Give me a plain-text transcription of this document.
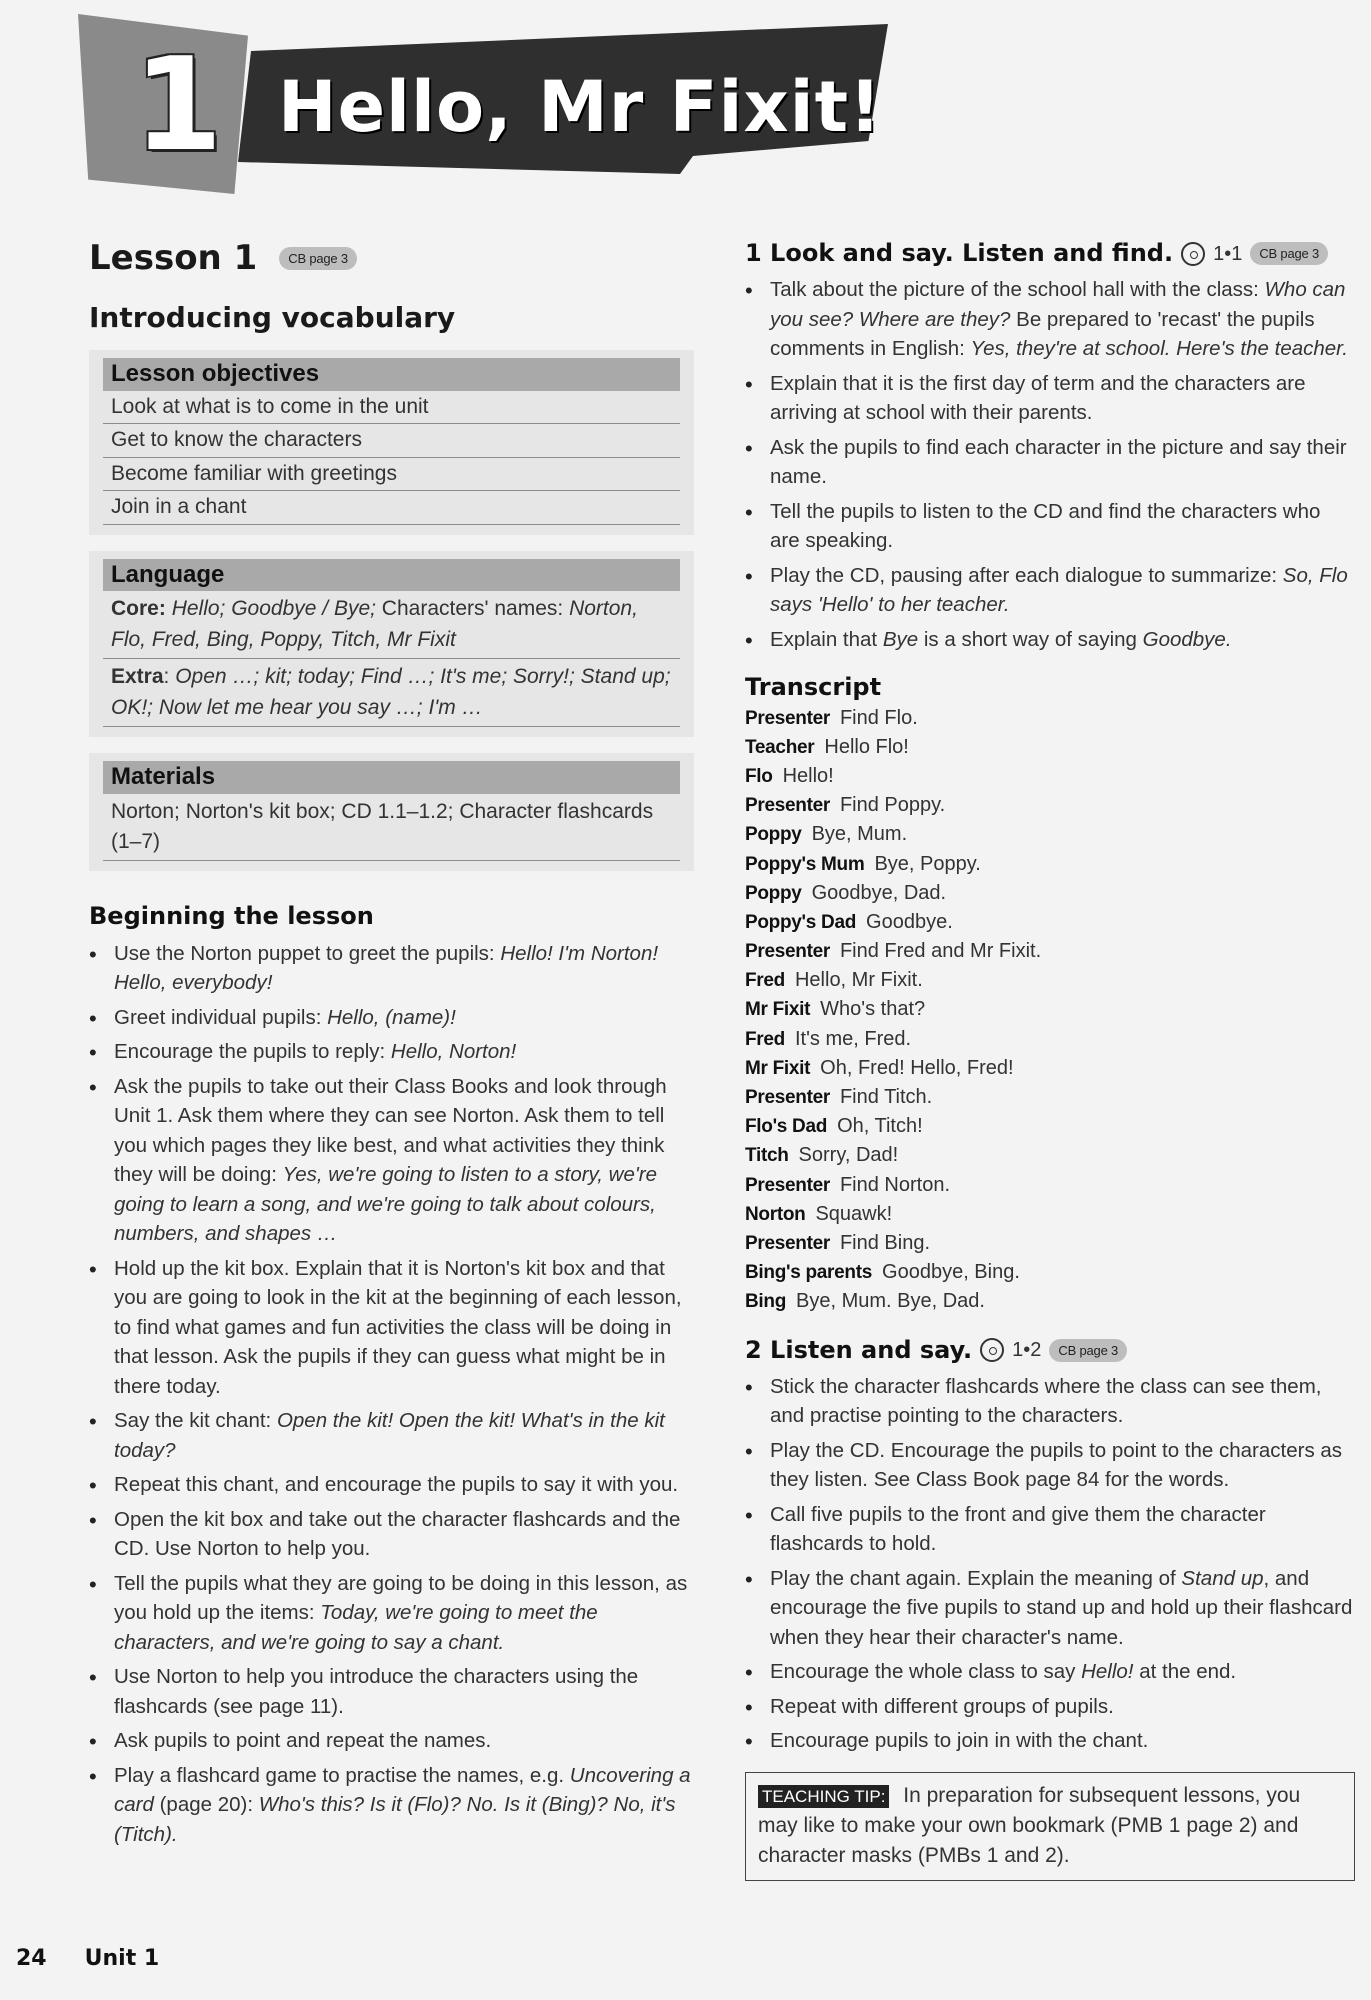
1 Hello, Mr Fixit!
Lesson 1	CB page 3
Introducing vocabulary
Lesson objectives
Look at what is to come in the unit
Get to know the characters
Become familiar with greetings
Join in a chant
Language
Core: Hello; Goodbye / Bye; Characters' names: Norton, Flo, Fred, Bing, Poppy, Titch, Mr Fixit
Extra: Open …; kit; today; Find …; It's me; Sorry!; Stand up; OK!; Now let me hear you say …; I'm …
Materials
Norton; Norton's kit box; CD 1.1–1.2; Character flashcards (1–7)
Beginning the lesson
• Use the Norton puppet to greet the pupils: Hello! I'm Norton! Hello, everybody!
• Greet individual pupils: Hello, (name)!
• Encourage the pupils to reply: Hello, Norton!
• Ask the pupils to take out their Class Books and look through Unit 1. Ask them where they can see Norton. Ask them to tell you which pages they like best, and what activities they think they will be doing: Yes, we're going to listen to a story, we're going to learn a song, and we're going to talk about colours, numbers, and shapes …
• Hold up the kit box. Explain that it is Norton's kit box and that you are going to look in the kit at the beginning of each lesson, to find what games and fun activities the class will be doing in that lesson. Ask the pupils if they can guess what might be in there today.
• Say the kit chant: Open the kit! Open the kit! What's in the kit today?
• Repeat this chant, and encourage the pupils to say it with you.
• Open the kit box and take out the character flashcards and the CD. Use Norton to help you.
• Tell the pupils what they are going to be doing in this lesson, as you hold up the items: Today, we're going to meet the characters, and we're going to say a chant.
• Use Norton to help you introduce the characters using the flashcards (see page 11).
• Ask pupils to point and repeat the names.
• Play a flashcard game to practise the names, e.g. Uncovering a card (page 20): Who's this? Is it (Flo)? No. Is it (Bing)? No, it's (Titch).
1 Look and say. Listen and find. 1•1	CB page 3
• Talk about the picture of the school hall with the class: Who can you see? Where are they? Be prepared to 'recast' the pupils comments in English: Yes, they're at school. Here's the teacher.
• Explain that it is the first day of term and the characters are arriving at school with their parents.
• Ask the pupils to find each character in the picture and say their name.
• Tell the pupils to listen to the CD and find the characters who are speaking.
• Play the CD, pausing after each dialogue to summarize: So, Flo says 'Hello' to her teacher.
• Explain that Bye is a short way of saying Goodbye.
Transcript
Presenter Find Flo.
Teacher Hello Flo!
Flo Hello!
Presenter Find Poppy.
Poppy Bye, Mum.
Poppy's Mum Bye, Poppy.
Poppy Goodbye, Dad.
Poppy's Dad Goodbye.
Presenter Find Fred and Mr Fixit.
Fred Hello, Mr Fixit.
Mr Fixit Who's that?
Fred It's me, Fred.
Mr Fixit Oh, Fred! Hello, Fred!
Presenter Find Titch.
Flo's Dad Oh, Titch!
Titch Sorry, Dad!
Presenter Find Norton.
Norton Squawk!
Presenter Find Bing.
Bing's parents Goodbye, Bing.
Bing Bye, Mum. Bye, Dad.
2 Listen and say. 1•2	CB page 3
• Stick the character flashcards where the class can see them, and practise pointing to the characters.
• Play the CD. Encourage the pupils to point to the characters as they listen. See Class Book page 84 for the words.
• Call five pupils to the front and give them the character flashcards to hold.
• Play the chant again. Explain the meaning of Stand up, and encourage the five pupils to stand up and hold up their flashcard when they hear their character's name.
• Encourage the whole class to say Hello! at the end.
• Repeat with different groups of pupils.
• Encourage pupils to join in with the chant.
TEACHING TIP: In preparation for subsequent lessons, you may like to make your own bookmark (PMB 1 page 2) and character masks (PMBs 1 and 2).
24 Unit 1
